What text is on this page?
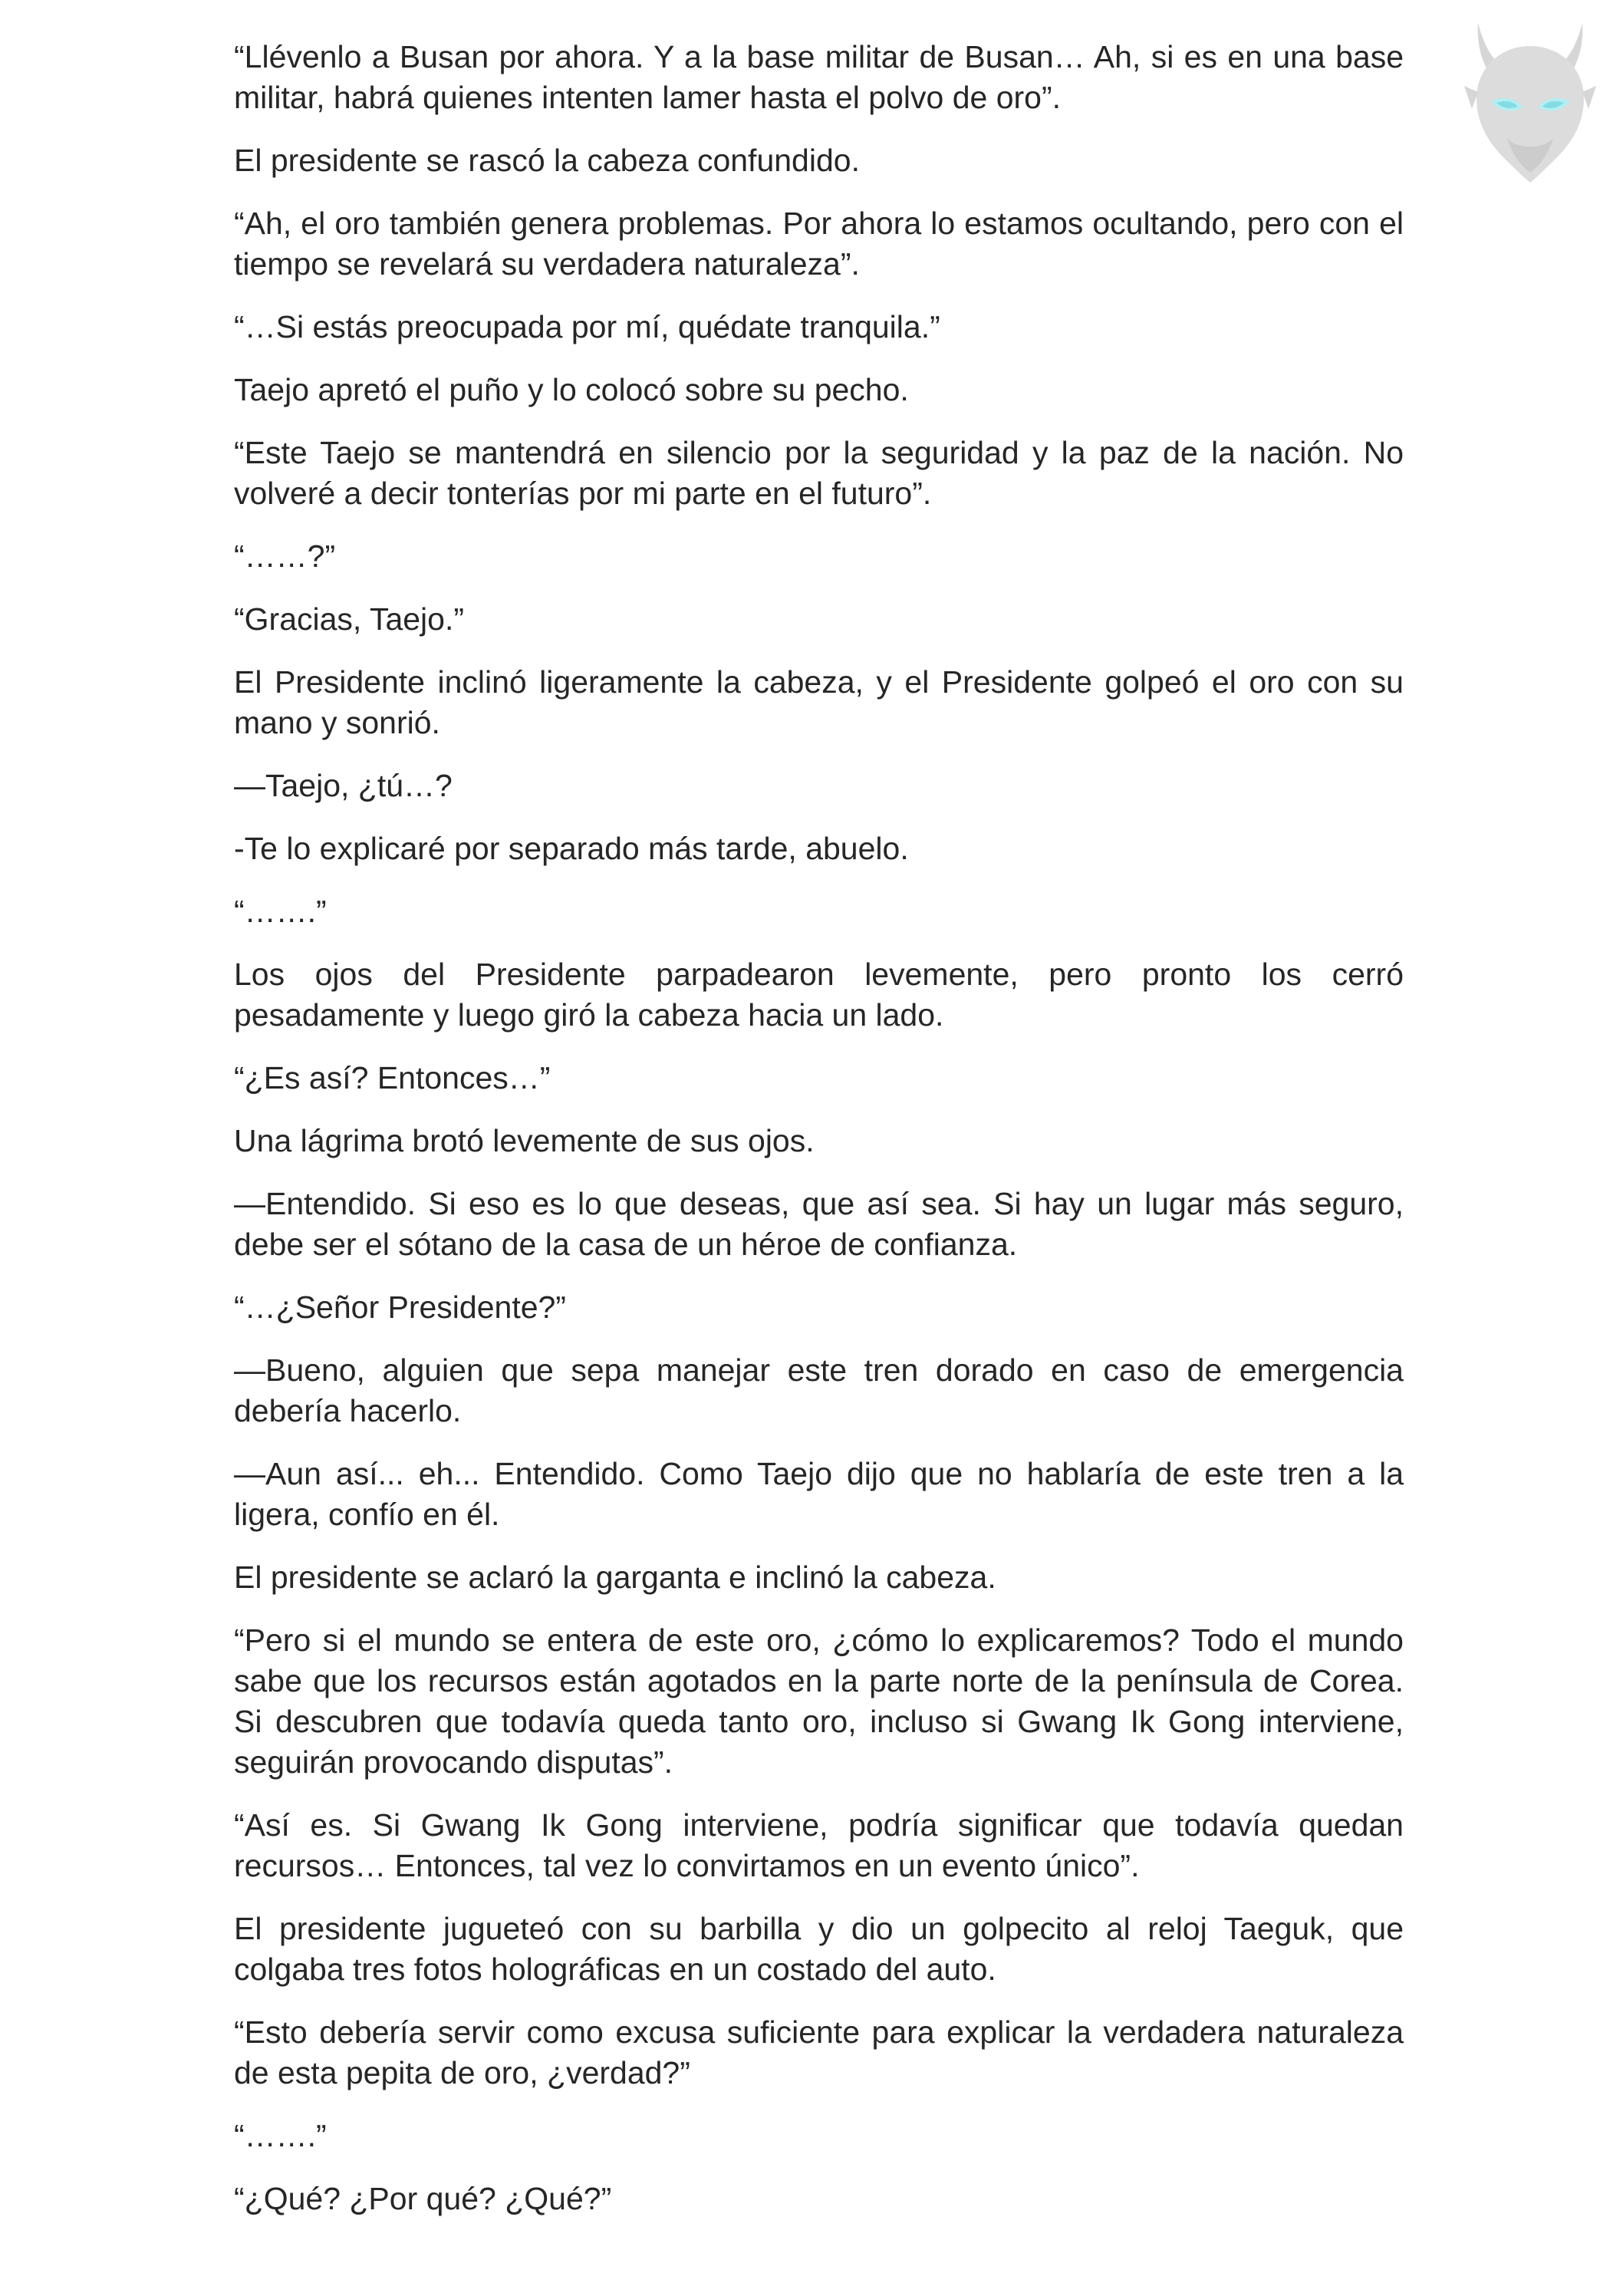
“Llévenlo a Busan por ahora. Y a la base militar de Busan… Ah, si es en una base militar, habrá quienes intenten lamer hasta el polvo de oro”.

El presidente se rascó la cabeza confundido.

“Ah, el oro también genera problemas. Por ahora lo estamos ocultando, pero con el tiempo se revelará su verdadera naturaleza”.

“…Si estás preocupada por mí, quédate tranquila.”

Taejo apretó el puño y lo colocó sobre su pecho.

“Este Taejo se mantendrá en silencio por la seguridad y la paz de la nación. No volveré a decir tonterías por mi parte en el futuro”.

“……?”

“Gracias, Taejo.”

El Presidente inclinó ligeramente la cabeza, y el Presidente golpeó el oro con su mano y sonrió.

—Taejo, ¿tú…?

-Te lo explicaré por separado más tarde, abuelo.

“…….”

Los ojos del Presidente parpadearon levemente, pero pronto los cerró pesadamente y luego giró la cabeza hacia un lado.

“¿Es así? Entonces…”

Una lágrima brotó levemente de sus ojos.

—Entendido. Si eso es lo que deseas, que así sea. Si hay un lugar más seguro, debe ser el sótano de la casa de un héroe de confianza.

“…¿Señor Presidente?”

—Bueno, alguien que sepa manejar este tren dorado en caso de emergencia debería hacerlo.

—Aun así... eh... Entendido. Como Taejo dijo que no hablaría de este tren a la ligera, confío en él.

El presidente se aclaró la garganta e inclinó la cabeza.

“Pero si el mundo se entera de este oro, ¿cómo lo explicaremos? Todo el mundo sabe que los recursos están agotados en la parte norte de la península de Corea. Si descubren que todavía queda tanto oro, incluso si Gwang Ik Gong interviene, seguirán provocando disputas”.

“Así es. Si Gwang Ik Gong interviene, podría significar que todavía quedan recursos… Entonces, tal vez lo convirtamos en un evento único”.

El presidente jugueteó con su barbilla y dio un golpecito al reloj Taeguk, que colgaba tres fotos holográficas en un costado del auto.

“Esto debería servir como excusa suficiente para explicar la verdadera naturaleza de esta pepita de oro, ¿verdad?”

“…….”

“¿Qué? ¿Por qué? ¿Qué?”
